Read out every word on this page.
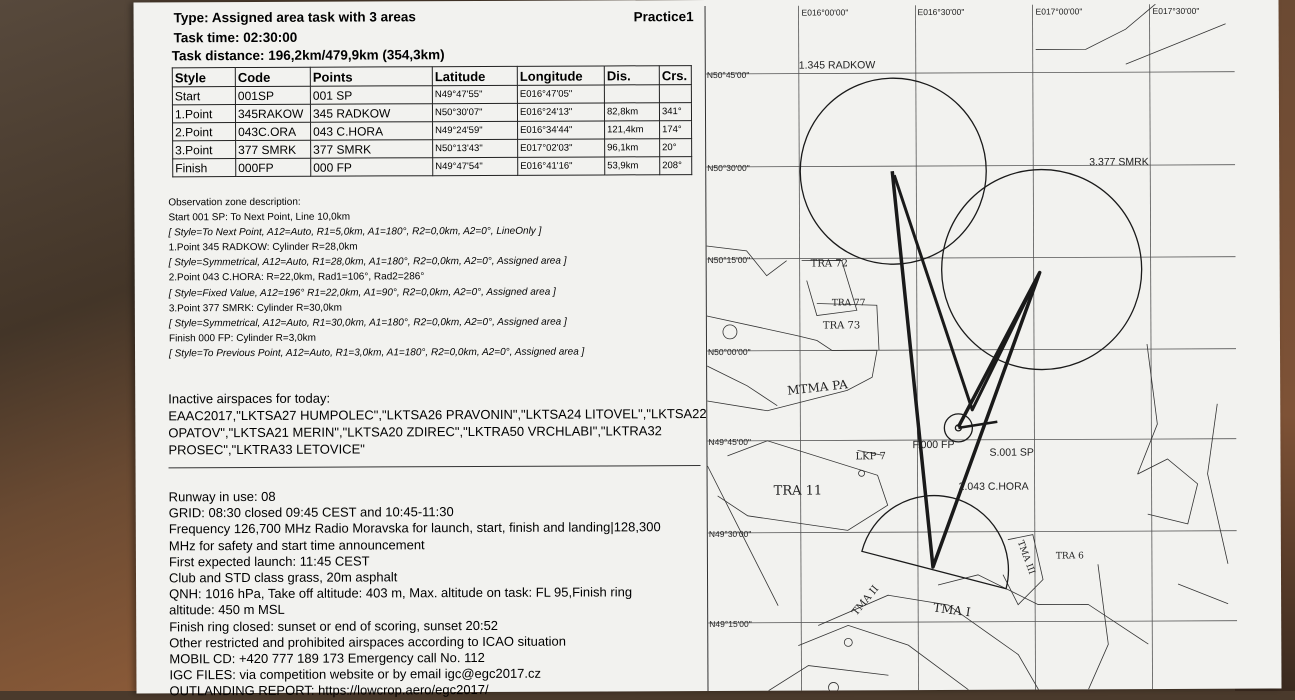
Type: Assigned area task with 3 areas
Task time: 02:30:00
Task distance: 196,2km/479,9km (354,3km)
Practice1
Style	Code	Points	Latitude	Longitude	Dis.	Crs.
Start	001SP	001 SP	N49°47'55"	E016°47'05"		
1.Point	345RAKOW	345 RADKOW	N50°30'07"	E016°24'13"	82,8km	341°
2.Point	043C.ORA	043 C.HORA	N49°24'59"	E016°34'44"	121,4km	174°
3.Point	377 SMRK	377 SMRK	N50°13'43"	E017°02'03"	96,1km	20°
Finish	000FP	000 FP	N49°47'54"	E016°41'16"	53,9km	208°
Observation zone description:
Start 001 SP: To Next Point, Line 10,0km
[ Style=To Next Point, A12=Auto, R1=5,0km, A1=180°, R2=0,0km, A2=0°, LineOnly ]
1.Point 345 RADKOW: Cylinder R=28,0km
[ Style=Symmetrical, A12=Auto, R1=28,0km, A1=180°, R2=0,0km, A2=0°, Assigned area ]
2.Point 043 C.HORA: R=22,0km, Rad1=106°, Rad2=286°
[ Style=Fixed Value, A12=196° R1=22,0km, A1=90°, R2=0,0km, A2=0°, Assigned area ]
3.Point 377 SMRK: Cylinder R=30,0km
[ Style=Symmetrical, A12=Auto, R1=30,0km, A1=180°, R2=0,0km, A2=0°, Assigned area ]
Finish 000 FP: Cylinder R=3,0km
[ Style=To Previous Point, A12=Auto, R1=3,0km, A1=180°, R2=0,0km, A2=0°, Assigned area ]
Inactive airspaces for today:
EAAC2017,"LKTSA27 HUMPOLEC","LKTSA26 PRAVONIN","LKTSA24 LITOVEL","LKTSA22
OPATOV","LKTSA21 MERIN","LKTSA20 ZDIREC","LKTRA50 VRCHLABI","LKTRA32
PROSEC","LKTRA33 LETOVICE"
Runway in use: 08
GRID: 08:30 closed 09:45 CEST and 10:45-11:30
Frequency 126,700 MHz Radio Moravska for launch, start, finish and landing|128,300
MHz for safety and start time announcement
First expected launch: 11:45 CEST
Club and STD class grass, 20m asphalt
QNH: 1016 hPa, Take off altitude: 403 m, Max. altitude on task: FL 95,Finish ring
altitude: 450 m MSL
Finish ring closed: sunset or end of scoring, sunset 20:52
Other restricted and prohibited airspaces according to ICAO situation
MOBIL CD: +420 777 189 173 Emergency call No. 112
IGC FILES: via competition website or by email igc@egc2017.cz
OUTLANDING REPORT: https://lowcrop.aero/egc2017/
E016°00'00"	E016°30'00"	E017°00'00"	E017°30'00"
N50°45'00"
N50°30'00"
N50°15'00"
N50°00'00"
N49°45'00"
N49°30'00"
N49°15'00"
1.345 RADKOW
3.377 SMRK
F.000 FP
S.001 SP
2.043 C.HORA
TRA 72
TRA 77
TRA 73
MTMA PA
LKP 7
TRA 11
TRA 6
TMA I
TMA II
TMA III
